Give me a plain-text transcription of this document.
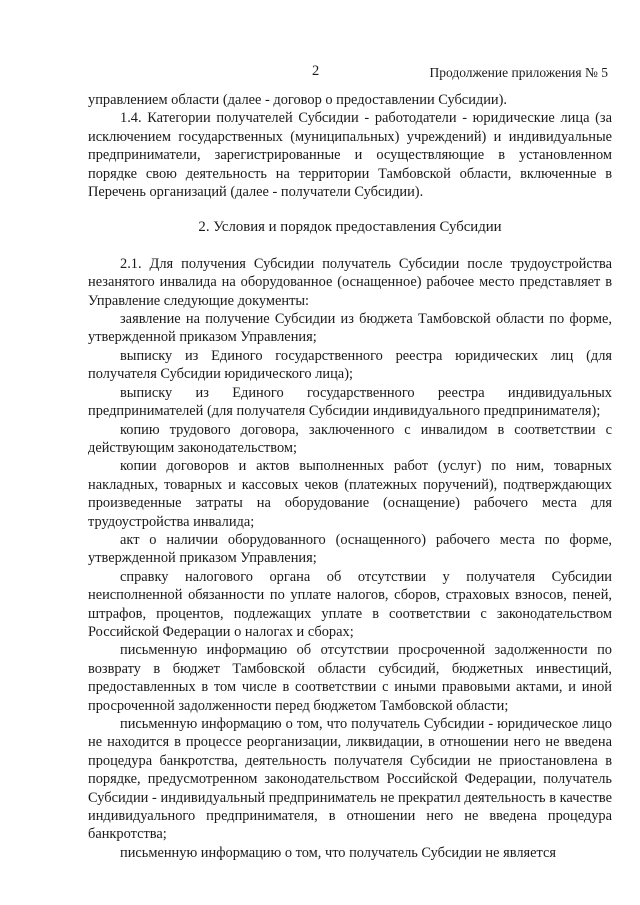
2	Продолжение приложения № 5

управлением области (далее - договор о предоставлении Субсидии).

1.4. Категории получателей Субсидии - работодатели - юридические лица (за исключением государственных (муниципальных) учреждений) и индивидуальные предприниматели, зарегистрированные и осуществляющие в установленном порядке свою деятельность на территории Тамбовской области, включенные в Перечень организаций (далее - получатели Субсидии).

2. Условия и порядок предоставления Субсидии

2.1. Для получения Субсидии получатель Субсидии после трудоустройства незанятого инвалида на оборудованное (оснащенное) рабочее место представляет в Управление следующие документы:

заявление на получение Субсидии из бюджета Тамбовской области по форме, утвержденной приказом Управления;

выписку из Единого государственного реестра юридических лиц (для получателя Субсидии юридического лица);

выписку из Единого государственного реестра индивидуальных предпринимателей (для получателя Субсидии индивидуального предпринимателя);

копию трудового договора, заключенного с инвалидом в соответствии с действующим законодательством;

копии договоров и актов выполненных работ (услуг) по ним, товарных накладных, товарных и кассовых чеков (платежных поручений), подтверждающих произведенные затраты на оборудование (оснащение) рабочего места для трудоустройства инвалида;

акт о наличии оборудованного (оснащенного) рабочего места по форме, утвержденной приказом Управления;

справку налогового органа об отсутствии у получателя Субсидии неисполненной обязанности по уплате налогов, сборов, страховых взносов, пеней, штрафов, процентов, подлежащих уплате в соответствии с законодательством Российской Федерации о налогах и сборах;

письменную информацию об отсутствии просроченной задолженности по возврату в бюджет Тамбовской области субсидий, бюджетных инвестиций, предоставленных в том числе в соответствии с иными правовыми актами, и иной просроченной задолженности перед бюджетом Тамбовской области;

письменную информацию о том, что получатель Субсидии - юридическое лицо не находится в процессе реорганизации, ликвидации, в отношении него не введена процедура банкротства, деятельность получателя Субсидии не приостановлена в порядке, предусмотренном законодательством Российской Федерации, получатель Субсидии - индивидуальный предприниматель не прекратил деятельность в качестве индивидуального предпринимателя, в отношении него не введена процедура банкротства;

письменную информацию о том, что получатель Субсидии не является
